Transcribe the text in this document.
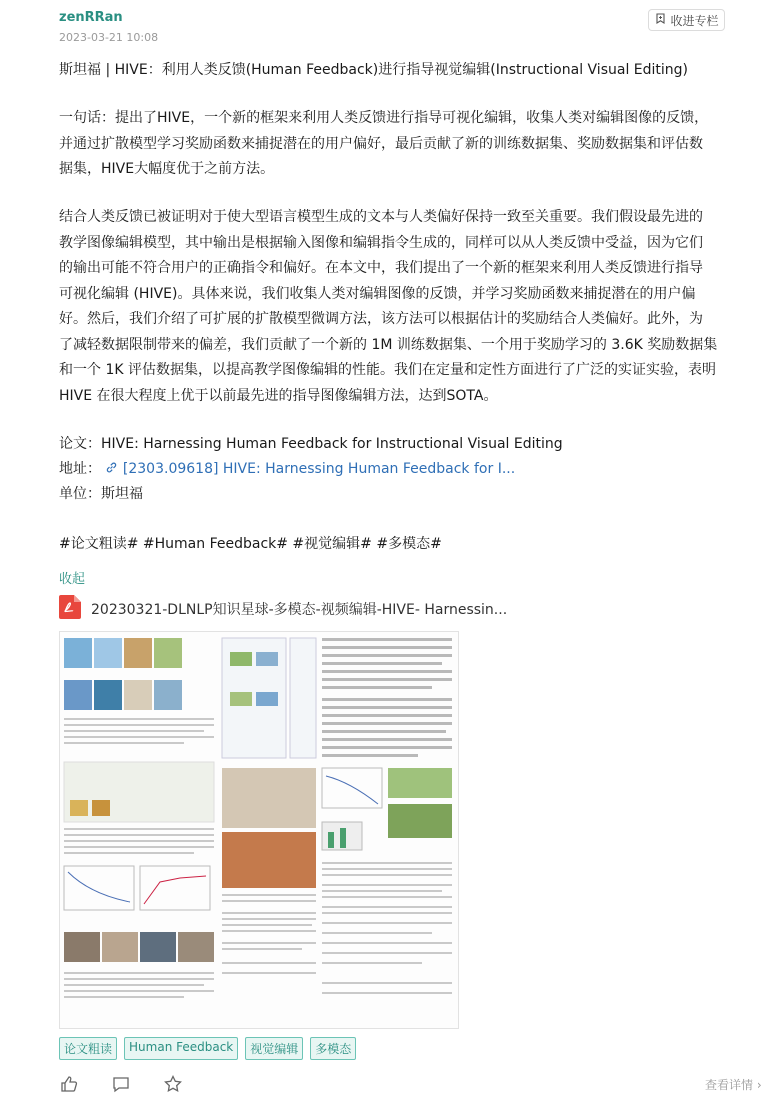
zenRRan
2023-03-21 10:08
收进专栏
斯坦福 | HIVE：利用人类反馈(Human Feedback)进行指导视觉编辑(Instructional Visual Editing)
一句话：提出了HIVE，一个新的框架来利用人类反馈进行指导可视化编辑，收集人类对编辑图像的反馈，
并通过扩散模型学习奖励函数来捕捉潜在的用户偏好，最后贡献了新的训练数据集、奖励数据集和评估数
据集，HIVE大幅度优于之前方法。
结合人类反馈已被证明对于使大型语言模型生成的文本与人类偏好保持一致至关重要。我们假设最先进的
教学图像编辑模型，其中输出是根据输入图像和编辑指令生成的，同样可以从人类反馈中受益，因为它们
的输出可能不符合用户的正确指令和偏好。在本文中，我们提出了一个新的框架来利用人类反馈进行指导
可视化编辑 (HIVE)。具体来说，我们收集人类对编辑图像的反馈，并学习奖励函数来捕捉潜在的用户偏
好。然后，我们介绍了可扩展的扩散模型微调方法，该方法可以根据估计的奖励结合人类偏好。此外，为
了减轻数据限制带来的偏差，我们贡献了一个新的 1M 训练数据集、一个用于奖励学习的 3.6K 奖励数据集
和一个 1K 评估数据集，以提高教学图像编辑的性能。我们在定量和定性方面进行了广泛的实证实验，表明
HIVE 在很大程度上优于以前最先进的指导图像编辑方法，达到SOTA。
论文：HIVE: Harnessing Human Feedback for Instructional Visual Editing
地址： [2303.09618] HIVE: Harnessing Human Feedback for I...
单位：斯坦福
#论文粗读# #Human Feedback# #视觉编辑# #多模态#
收起
20230321-DLNLP知识星球-多模态-视频编辑-HIVE- Harnessin...
论文粗读	Human Feedback	视觉编辑	多模态
查看详情 ›
